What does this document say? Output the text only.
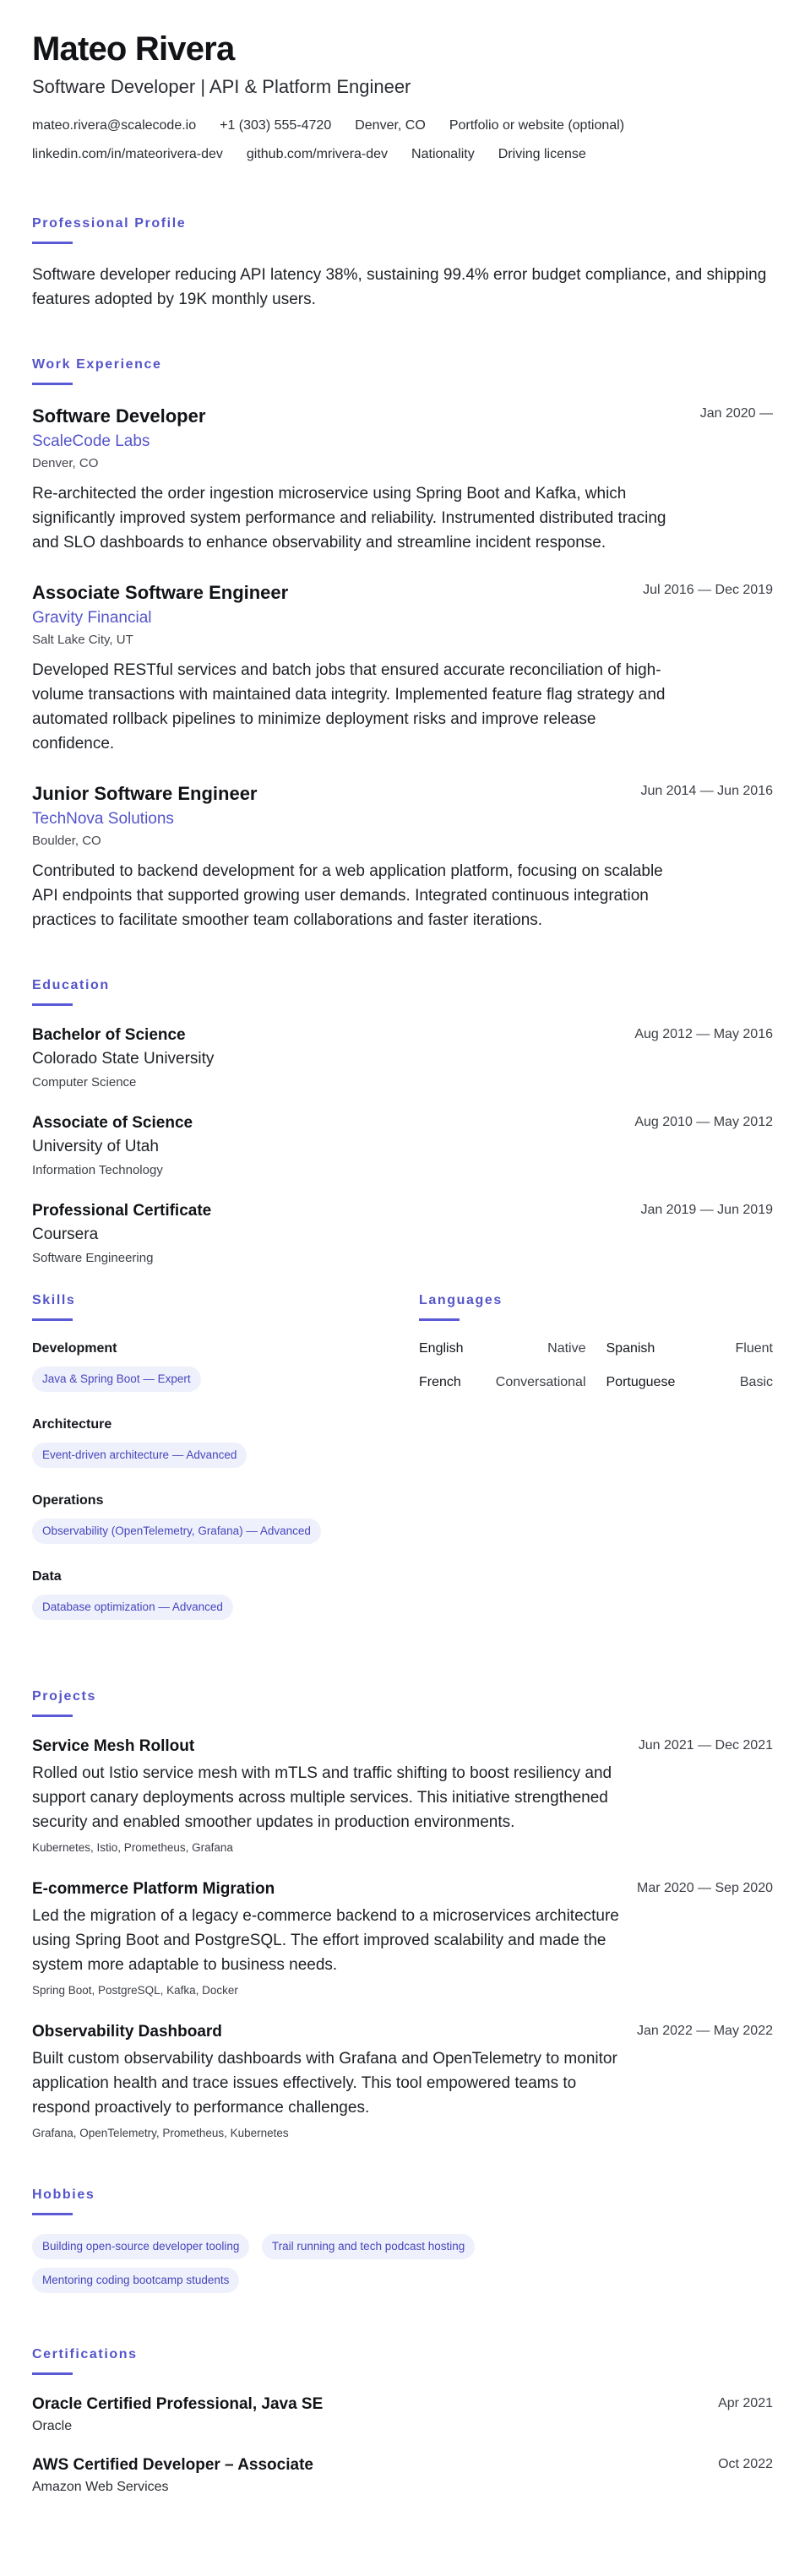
Mateo Rivera
Software Developer | API & Platform Engineer
mateo.rivera@scalecode.io +1 (303) 555-4720 Denver, CO Portfolio or website (optional)
linkedin.com/in/mateorivera-dev github.com/mrivera-dev Nationality Driving license
Professional Profile

Software developer reducing API latency 38%, sustaining 99.4% error budget compliance, and shipping features adopted by 19K monthly users.

Work Experience
Software Developer	Jan 2020 —
ScaleCode Labs
Denver, CO

Re-architected the order ingestion microservice using Spring Boot and Kafka, which significantly improved system performance and reliability. Instrumented distributed tracing and SLO dashboards to enhance observability and streamline incident response.

Associate Software Engineer	Jul 2016 — Dec 2019
Gravity Financial
Salt Lake City, UT

Developed RESTful services and batch jobs that ensured accurate reconciliation of high-volume transactions with maintained data integrity. Implemented feature flag strategy and automated rollback pipelines to minimize deployment risks and improve release confidence.

Junior Software Engineer	Jun 2014 — Jun 2016
TechNova Solutions
Boulder, CO

Contributed to backend development for a web application platform, focusing on scalable API endpoints that supported growing user demands. Integrated continuous integration practices to facilitate smoother team collaborations and faster iterations.

Education
Bachelor of Science	Aug 2012 — May 2016
Colorado State University
Computer Science
Associate of Science	Aug 2010 — May 2012
University of Utah
Information Technology
Professional Certificate	Jan 2019 — Jun 2019
Coursera
Software Engineering
Skills
Development
Java & Spring Boot — Expert
Architecture
Event-driven architecture — Advanced
Operations
Observability (OpenTelemetry, Grafana) — Advanced
Data
Database optimization — Advanced
Languages
English	Native Spanish	Fluent
French	Conversational Portuguese	Basic
Projects
Service Mesh Rollout	Jun 2021 — Dec 2021

Rolled out Istio service mesh with mTLS and traffic shifting to boost resiliency and support canary deployments across multiple services. This initiative strengthened security and enabled smoother updates in production environments.

Kubernetes, Istio, Prometheus, Grafana
E-commerce Platform Migration	Mar 2020 — Sep 2020

Led the migration of a legacy e-commerce backend to a microservices architecture using Spring Boot and PostgreSQL. The effort improved scalability and made the system more adaptable to business needs.

Spring Boot, PostgreSQL, Kafka, Docker
Observability Dashboard	Jan 2022 — May 2022

Built custom observability dashboards with Grafana and OpenTelemetry to monitor application health and trace issues effectively. This tool empowered teams to respond proactively to performance challenges.

Grafana, OpenTelemetry, Prometheus, Kubernetes
Hobbies
Building open-source developer tooling	Trail running and tech podcast hosting Mentoring coding bootcamp students
Certifications
Oracle Certified Professional, Java SE	Apr 2021
Oracle
AWS Certified Developer – Associate	Oct 2022
Amazon Web Services
